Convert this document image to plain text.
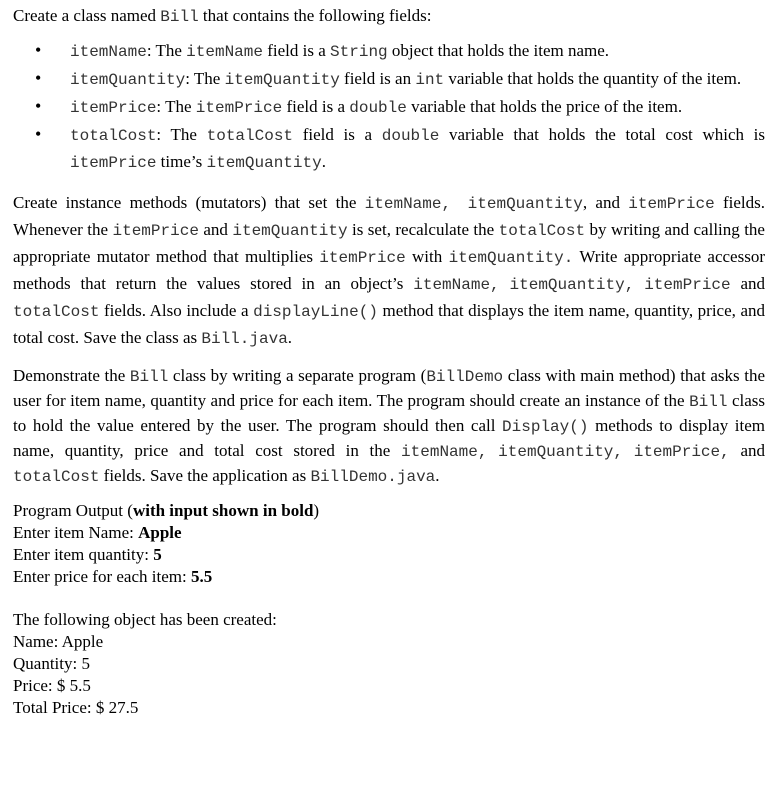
Create a class named Bill that contains the following fields:

• itemName: The itemName field is a String object that holds the item name.
• itemQuantity: The itemQuantity field is an int variable that holds the quantity of the item.
• itemPrice: The itemPrice field is a double variable that holds the price of the item.
• totalCost: The totalCost field is a double variable that holds the total cost which is itemPrice time’s itemQuantity.

Create instance methods (mutators) that set the itemName, itemQuantity, and itemPrice fields. Whenever the itemPrice and itemQuantity is set, recalculate the totalCost by writing and calling the appropriate mutator method that multiplies itemPrice with itemQuantity. Write appropriate accessor methods that return the values stored in an object’s itemName, itemQuantity, itemPrice and totalCost fields. Also include a displayLine() method that displays the item name, quantity, price, and total cost. Save the class as Bill.java.

Demonstrate the Bill class by writing a separate program (BillDemo class with main method) that asks the user for item name, quantity and price for each item. The program should create an instance of the Bill class to hold the value entered by the user. The program should then call Display() methods to display item name, quantity, price and total cost stored in the itemName, itemQuantity, itemPrice, and totalCost fields. Save the application as BillDemo.java.

Program Output (with input shown in bold)
Enter item Name: Apple
Enter item quantity: 5
Enter price for each item: 5.5
The following object has been created:
Name: Apple
Quantity: 5
Price: $ 5.5
Total Price: $ 27.5
